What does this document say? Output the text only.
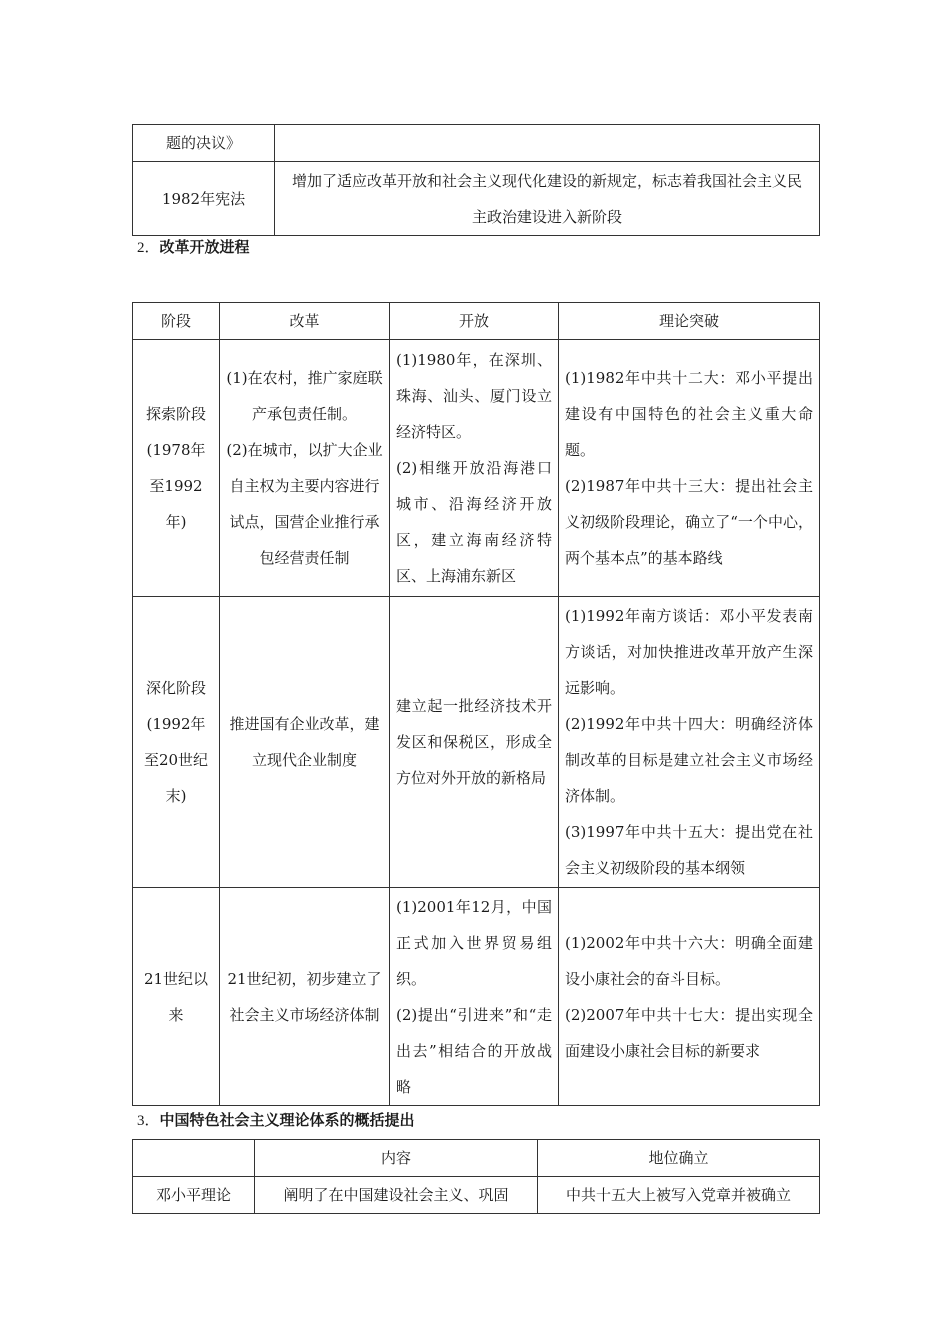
题的决议》	
1982年宪法	增加了适应改革开放和社会主义现代化建设的新规定，标志着我国社会主义民主政治建设进入新阶段
2．改革开放进程
阶段	改革	开放	理论突破
探索阶段(1978年至1992年)	(1)在农村，推广家庭联产承包责任制。
(2)在城市，以扩大企业自主权为主要内容进行试点，国营企业推行承包经营责任制	(1)1980年，在深圳、珠海、汕头、厦门设立经济特区。
(2)相继开放沿海港口城市、沿海经济开放区，建立海南经济特区、上海浦东新区	(1)1982年中共十二大：邓小平提出建设有中国特色的社会主义重大命题。
(2)1987年中共十三大：提出社会主义初级阶段理论，确立了“一个中心，两个基本点”的基本路线

深化阶段(1992年至20世纪末)	推进国有企业改革，建立现代企业制度	建立起一批经济技术开发区和保税区，形成全方位对外开放的新格局	(1)1992年南方谈话：邓小平发表南方谈话，对加快推进改革开放产生深远影响。
(2)1992年中共十四大：明确经济体制改革的目标是建立社会主义市场经济体制。
(3)1997年中共十五大：提出党在社会主义初级阶段的基本纲领

21世纪以来	21世纪初，初步建立了社会主义市场经济体制	(1)2001年12月，中国正式加入世界贸易组织。
(2)提出“引进来”和“走出去”相结合的开放战略	(1)2002年中共十六大：明确全面建设小康社会的奋斗目标。
(2)2007年中共十七大：提出实现全面建设小康社会目标的新要求
3．中国特色社会主义理论体系的概括提出
	内容	地位确立
邓小平理论	阐明了在中国建设社会主义、巩固	中共十五大上被写入党章并被确立
